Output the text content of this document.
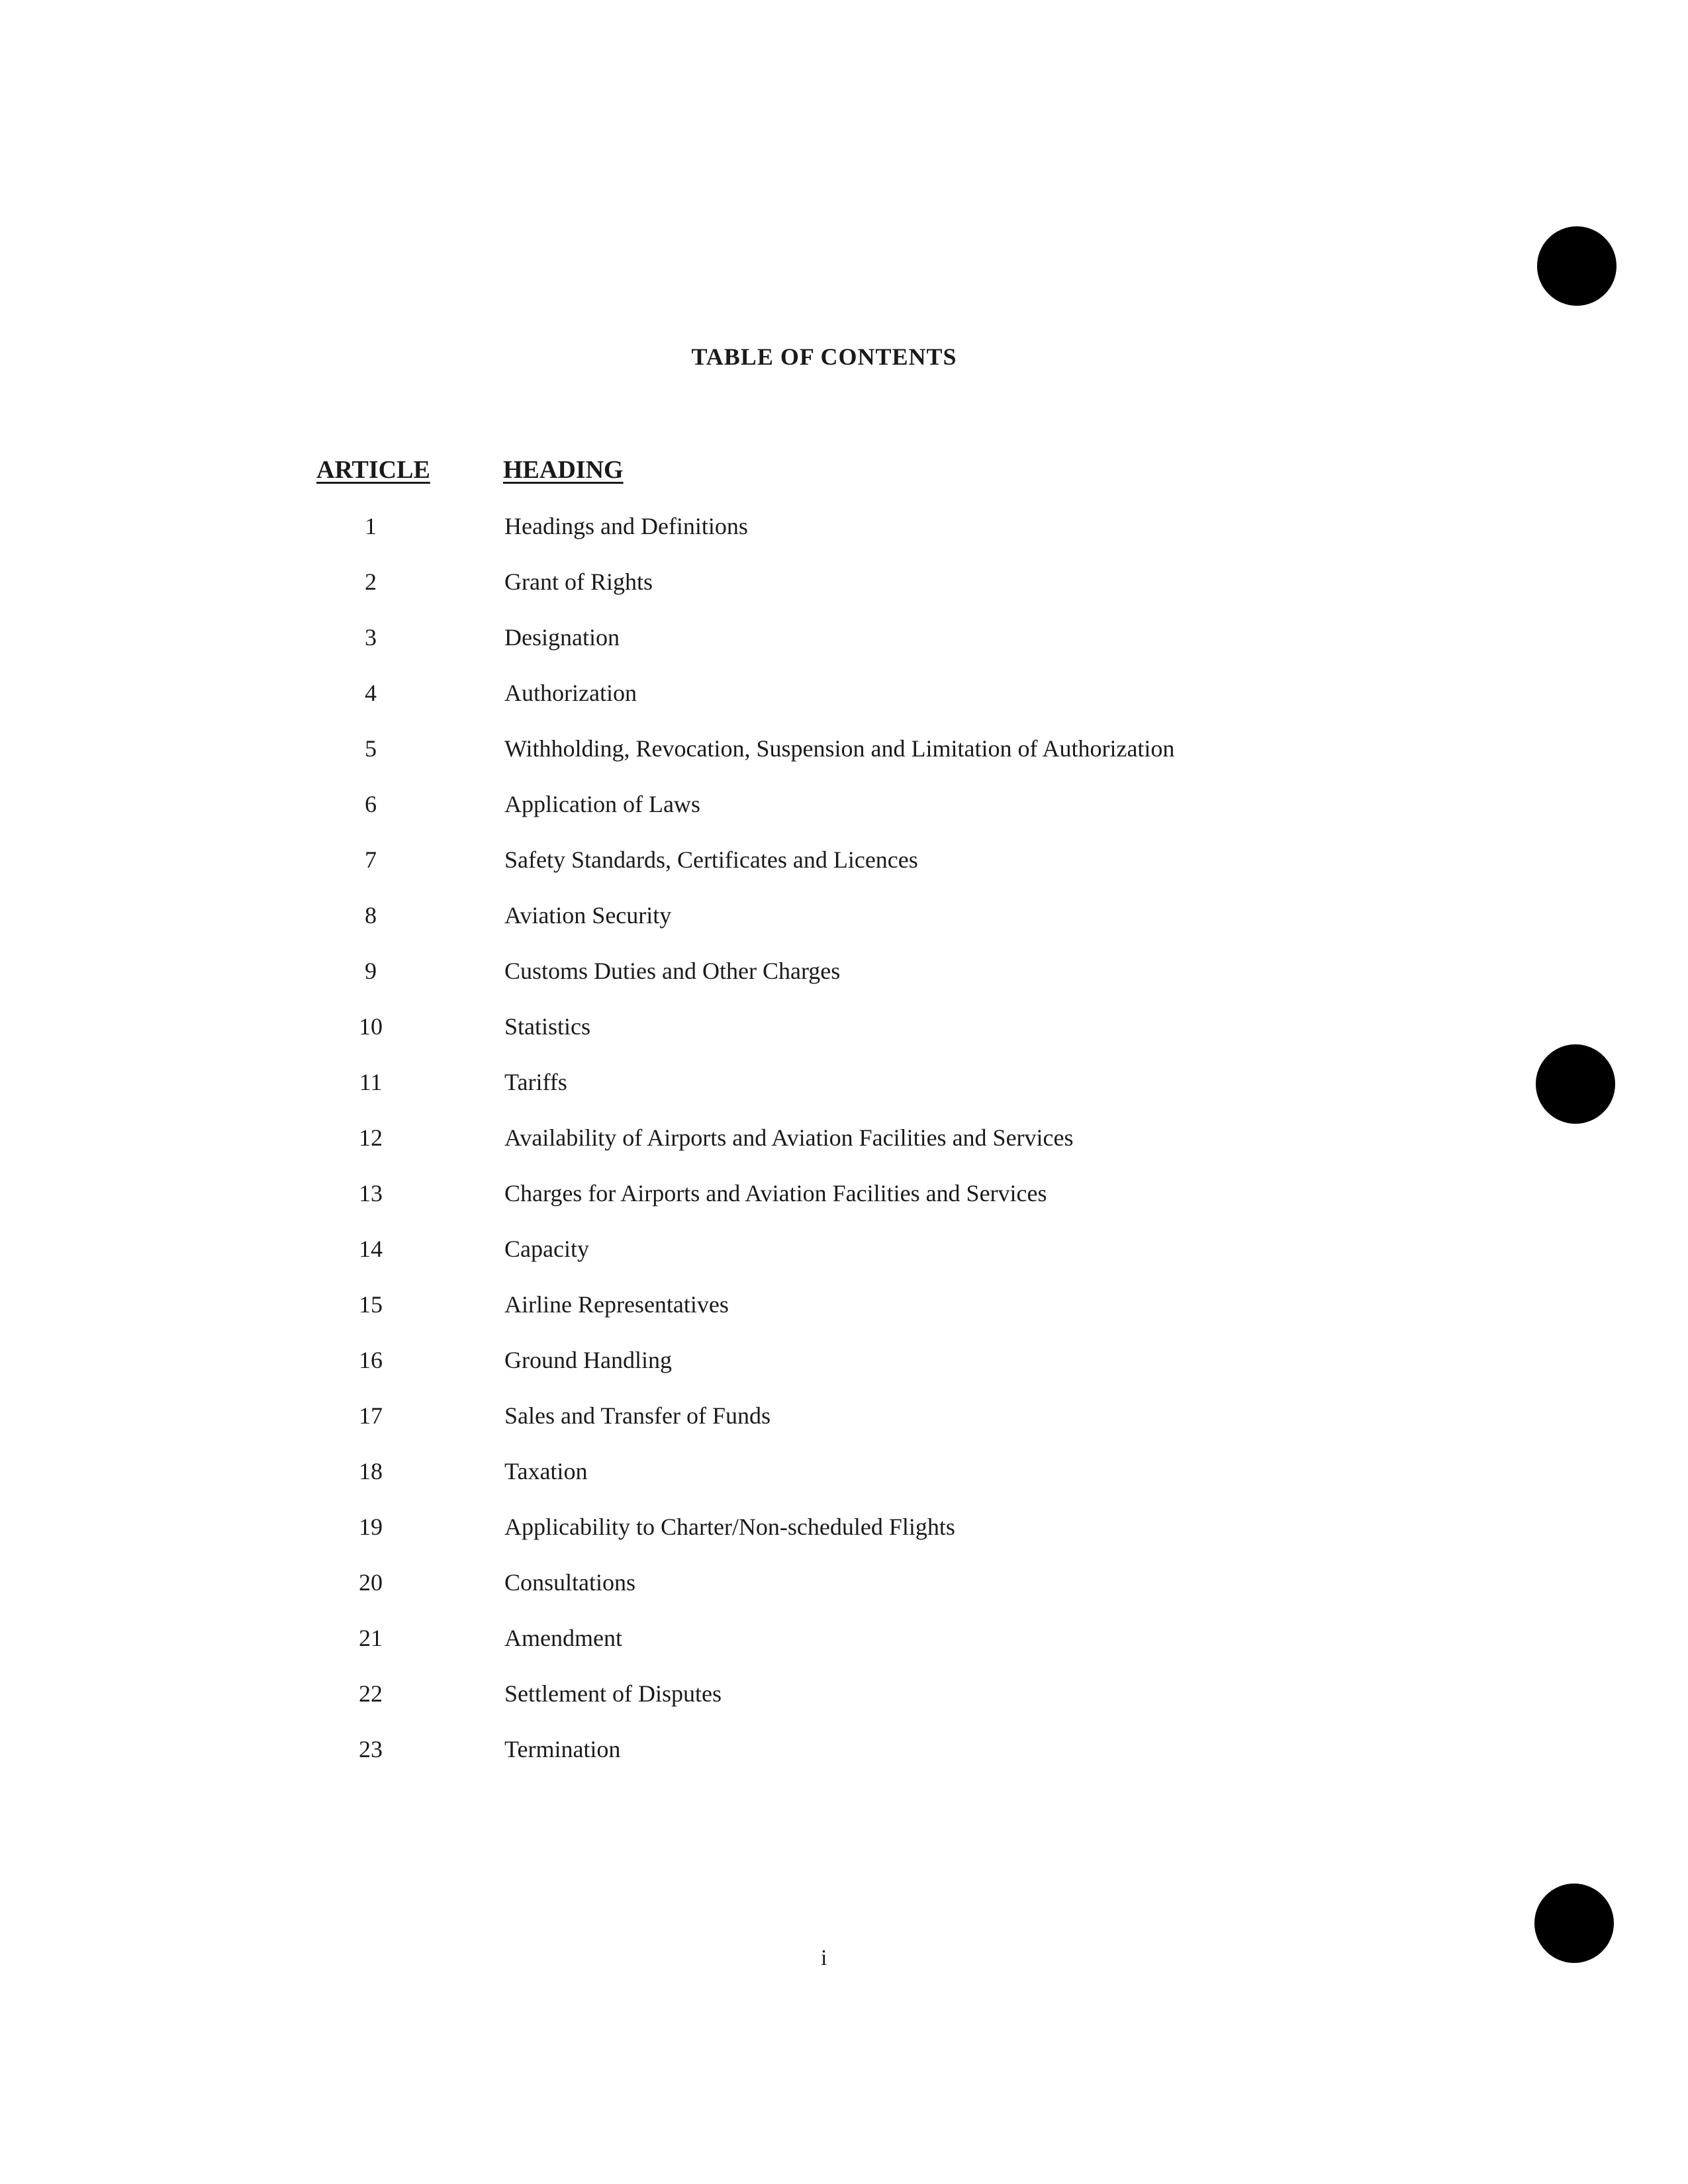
TABLE OF CONTENTS
ARTICLE	HEADING
1	Headings and Definitions
2	Grant of Rights
3	Designation
4	Authorization
5	Withholding, Revocation, Suspension and Limitation of Authorization
6	Application of Laws
7	Safety Standards, Certificates and Licences
8	Aviation Security
9	Customs Duties and Other Charges
10	Statistics
11	Tariffs
12	Availability of Airports and Aviation Facilities and Services
13	Charges for Airports and Aviation Facilities and Services
14	Capacity
15	Airline Representatives
16	Ground Handling
17	Sales and Transfer of Funds
18	Taxation
19	Applicability to Charter/Non-scheduled Flights
20	Consultations
21	Amendment
22	Settlement of Disputes
23	Termination
i
